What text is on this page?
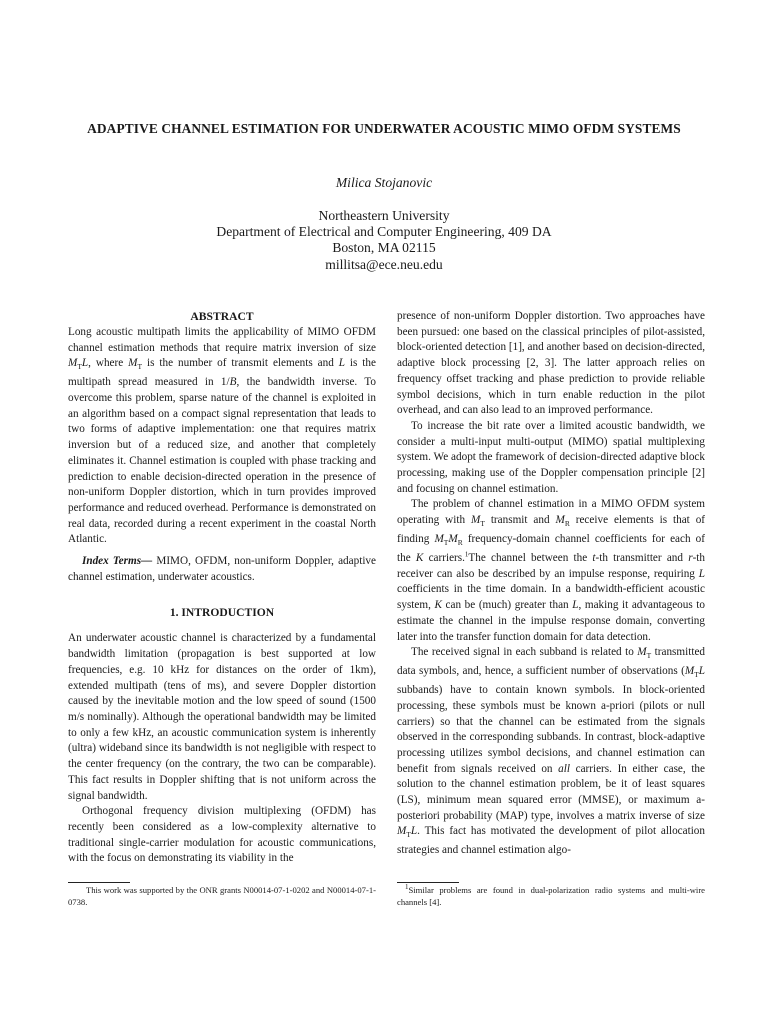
ADAPTIVE CHANNEL ESTIMATION FOR UNDERWATER ACOUSTIC MIMO OFDM SYSTEMS
Milica Stojanovic
Northeastern University
Department of Electrical and Computer Engineering, 409 DA
Boston, MA 02115
millitsa@ece.neu.edu
ABSTRACT

Long acoustic multipath limits the applicability of MIMO OFDM channel estimation methods that require matrix inversion of size $M_TL$, where $M_T$ is the number of transmit elements and L is the multipath spread measured in 1/B, the bandwidth inverse. To overcome this problem, sparse nature of the channel is exploited in an algorithm based on a compact signal representation that leads to two forms of adaptive implementation: one that requires matrix inversion but of a reduced size, and another that completely eliminates it. Channel estimation is coupled with phase tracking and prediction to enable decision-directed operation in the presence of non-uniform Doppler distortion, which in turn provides improved performance and reduced overhead. Performance is demonstrated on real data, recorded during a recent experiment in the coastal North Atlantic.

Index Terms— MIMO, OFDM, non-uniform Doppler, adaptive channel estimation, underwater acoustics.

1. INTRODUCTION

An underwater acoustic channel is characterized by a fundamental bandwidth limitation (propagation is best supported at low frequencies, e.g. 10 kHz for distances on the order of 1km), extended multipath (tens of ms), and severe Doppler distortion caused by the inevitable motion and the low speed of sound (1500 m/s nominally). Although the operational bandwidth may be limited to only a few kHz, an acoustic communication system is inherently (ultra) wideband since its bandwidth is not negligible with respect to the center frequency (on the contrary, the two can be comparable). This fact results in Doppler shifting that is not uniform across the signal bandwidth.

Orthogonal frequency division multiplexing (OFDM) has recently been considered as a low-complexity alternative to traditional single-carrier modulation for acoustic communications, with the focus on demonstrating its viability in the

presence of non-uniform Doppler distortion. Two approaches have been pursued: one based on the classical principles of pilot-assisted, block-oriented detection [1], and another based on decision-directed, adaptive block processing [2, 3]. The latter approach relies on frequency offset tracking and phase prediction to provide reliable symbol decisions, which in turn enable reduction in the pilot overhead, and can also lead to an improved performance.

To increase the bit rate over a limited acoustic bandwidth, we consider a multi-input multi-output (MIMO) spatial multiplexing system. We adopt the framework of decision-directed adaptive block processing, making use of the Doppler compensation principle [2] and focusing on channel estimation.

The problem of channel estimation in a MIMO OFDM system operating with $M_T$ transmit and $M_R$ receive elements is that of finding $M_TM_R$ frequency-domain channel coefficients for each of the K carriers.$^1$The channel between the t-th transmitter and r-th receiver can also be described by an impulse response, requiring L coefficients in the time domain. In a bandwidth-efficient acoustic system, K can be (much) greater than L, making it advantageous to estimate the channel in the impulse response domain, converting later into the transfer function domain for data detection.

The received signal in each subband is related to $M_T$ transmitted data symbols, and, hence, a sufficient number of observations ($M_TL$ subbands) have to contain known symbols. In block-oriented processing, these symbols must be known a-priori (pilots or null carriers) so that the channel can be estimated from the signals observed in the corresponding subbands. In contrast, block-adaptive processing utilizes symbol decisions, and channel estimation can benefit from signals received on all carriers. In either case, the solution to the channel estimation problem, be it of least squares (LS), minimum mean squared error (MMSE), or maximum a-posteriori probability (MAP) type, involves a matrix inverse of size $M_TL$. This fact has motivated the development of pilot allocation strategies and channel estimation algo-

This work was supported by the ONR grants N00014-07-1-0202 and N00014-07-1-0738.
$^1$Similar problems are found in dual-polarization radio systems and multi-wire channels [4].
